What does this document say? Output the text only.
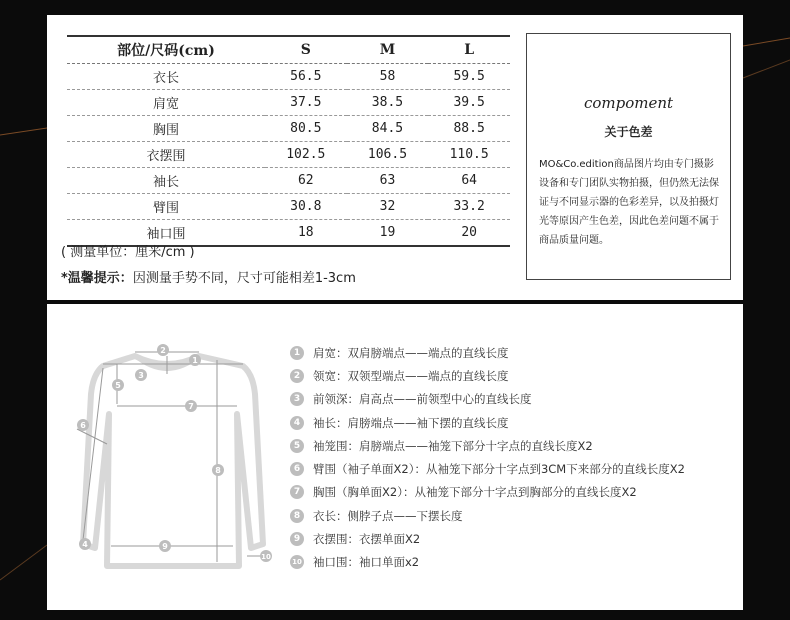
部位/尺码(cm)	S	M	L
衣长	56.5	58	59.5
肩宽	37.5	38.5	39.5
胸围	80.5	84.5	88.5
衣摆围	102.5	106.5	110.5
袖长	62	63	64
臂围	30.8	32	33.2
袖口围	18	19	20
( 测量单位：厘米/cm )
*温馨提示：因测量手势不同，尺寸可能相差1-3cm
compoment
关于色差
MO&Co.edition商品图片均由专门摄影设备和专门团队实物拍摄，但仍然无法保证与不同显示器的色彩差异，以及拍摄灯光等原因产生色差，因此色差问题不属于商品质量问题。
1
2
3
4
5
6
7
8
9
10
1	肩宽：双肩膀端点——端点的直线长度
2	领宽：双领型端点——端点的直线长度
3	前领深：肩高点——前领型中心的直线长度
4	袖长：肩膀端点——袖下摆的直线长度
5	袖笼围：肩膀端点——袖笼下部分十字点的直线长度X2
6	臂围（袖子单面X2）：从袖笼下部分十字点到3CM下来部分的直线长度X2
7	胸围（胸单面X2）：从袖笼下部分十字点到胸部分的直线长度X2
8	衣长：侧脖子点——下摆长度
9	衣摆围：衣摆单面X2
10 袖口围：袖口单面x2
